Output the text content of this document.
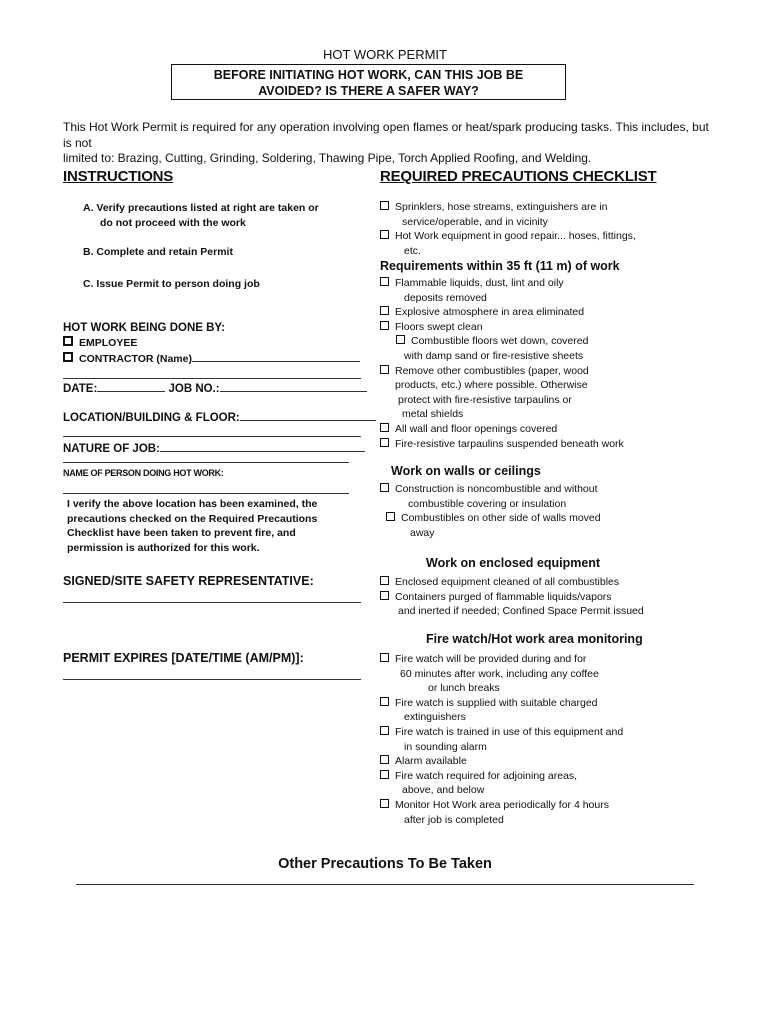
HOT WORK PERMIT
BEFORE INITIATING HOT WORK, CAN THIS JOB BE
AVOIDED? IS THERE A SAFER WAY?
This Hot Work Permit is required for any operation involving open flames or heat/spark producing tasks. This includes, but is not
limited to: Brazing, Cutting, Grinding, Soldering, Thawing Pipe, Torch Applied Roofing, and Welding.
INSTRUCTIONS
A. Verify precautions listed at right are taken or
do not proceed with the work
B. Complete and retain Permit
C. Issue Permit to person doing job
HOT WORK BEING DONE BY:
EMPLOYEE
CONTRACTOR (Name)
DATE:	JOB NO.:
LOCATION/BUILDING & FLOOR:
NATURE OF JOB:
NAME OF PERSON DOING HOT WORK:
I verify the above location has been examined, the
precautions checked on the Required Precautions
Checklist have been taken to prevent fire, and
permission is authorized for this work.
SIGNED/SITE SAFETY REPRESENTATIVE:
PERMIT EXPIRES [DATE/TIME (AM/PM)]:
REQUIRED PRECAUTIONS CHECKLIST
Sprinklers, hose streams, extinguishers are in
service/operable, and in vicinity
Hot Work equipment in good repair... hoses, fittings,
etc.
Requirements within 35 ft (11 m) of work
Flammable liquids, dust, lint and oily
deposits removed
Explosive atmosphere in area eliminated
Floors swept clean
Combustible floors wet down, covered
with damp sand or fire-resistive sheets
Remove other combustibles (paper, wood
products, etc.) where possible. Otherwise
protect with fire-resistive tarpaulins or
metal shields
All wall and floor openings covered
Fire-resistive tarpaulins suspended beneath work
Work on walls or ceilings
Construction is noncombustible and without
combustible covering or insulation
Combustibles on other side of walls moved
away
Work on enclosed equipment
Enclosed equipment cleaned of all combustibles
Containers purged of flammable liquids/vapors
and inerted if needed; Confined Space Permit issued
Fire watch/Hot work area monitoring
Fire watch will be provided during and for
60 minutes after work, including any coffee
or lunch breaks
Fire watch is supplied with suitable charged
extinguishers
Fire watch is trained in use of this equipment and
in sounding alarm
Alarm available
Fire watch required for adjoining areas,
above, and below
Monitor Hot Work area periodically for 4 hours
after job is completed
Other Precautions To Be Taken
